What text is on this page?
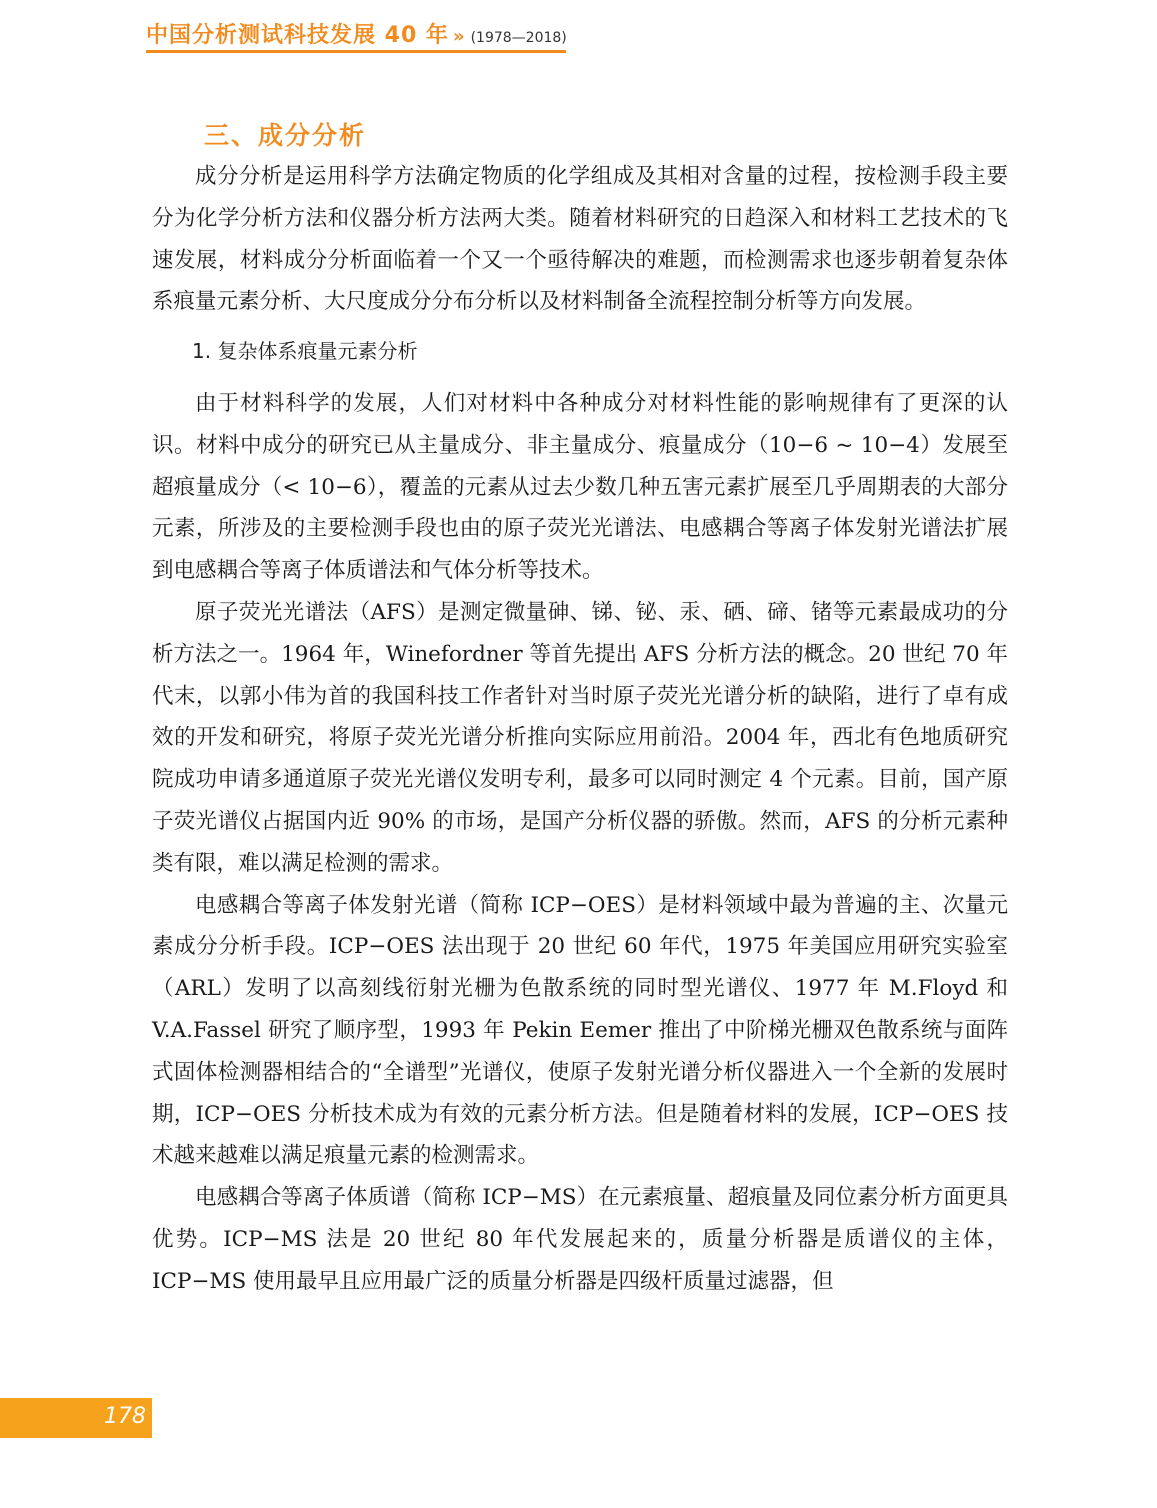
中国分析测试科技发展 40 年 » (1978—2018)
三、成分分析

成分分析是运用科学方法确定物质的化学组成及其相对含量的过程，按检测手段主要分为化学分析方法和仪器分析方法两大类。随着材料研究的日趋深入和材料工艺技术的飞速发展，材料成分分析面临着一个又一个亟待解决的难题，而检测需求也逐步朝着复杂体系痕量元素分析、大尺度成分分布分析以及材料制备全流程控制分析等方向发展。

1. 复杂体系痕量元素分析

由于材料科学的发展，人们对材料中各种成分对材料性能的影响规律有了更深的认识。材料中成分的研究已从主量成分、非主量成分、痕量成分（10−6 ~ 10−4）发展至超痕量成分（< 10−6），覆盖的元素从过去少数几种五害元素扩展至几乎周期表的大部分元素，所涉及的主要检测手段也由的原子荧光光谱法、电感耦合等离子体发射光谱法扩展到电感耦合等离子体质谱法和气体分析等技术。

原子荧光光谱法（AFS）是测定微量砷、锑、铋、汞、硒、碲、锗等元素最成功的分析方法之一。1964 年，Winefordner 等首先提出 AFS 分析方法的概念。20 世纪 70 年代末，以郭小伟为首的我国科技工作者针对当时原子荧光光谱分析的缺陷，进行了卓有成效的开发和研究，将原子荧光光谱分析推向实际应用前沿。2004 年，西北有色地质研究院成功申请多通道原子荧光光谱仪发明专利，最多可以同时测定 4 个元素。目前，国产原子荧光谱仪占据国内近 90% 的市场，是国产分析仪器的骄傲。然而，AFS 的分析元素种类有限，难以满足检测的需求。

电感耦合等离子体发射光谱（简称 ICP−OES）是材料领域中最为普遍的主、次量元素成分分析手段。ICP−OES 法出现于 20 世纪 60 年代，1975 年美国应用研究实验室（ARL）发明了以高刻线衍射光栅为色散系统的同时型光谱仪、1977 年 M.Floyd 和 V.A.Fassel 研究了顺序型，1993 年 Pekin Eemer 推出了中阶梯光栅双色散系统与面阵式固体检测器相结合的“全谱型”光谱仪，使原子发射光谱分析仪器进入一个全新的发展时期，ICP−OES 分析技术成为有效的元素分析方法。但是随着材料的发展，ICP−OES 技术越来越难以满足痕量元素的检测需求。

电感耦合等离子体质谱（简称 ICP−MS）在元素痕量、超痕量及同位素分析方面更具优势。ICP−MS 法是 20 世纪 80 年代发展起来的，质量分析器是质谱仪的主体，ICP−MS 使用最早且应用最广泛的质量分析器是四级杆质量过滤器，但

178
